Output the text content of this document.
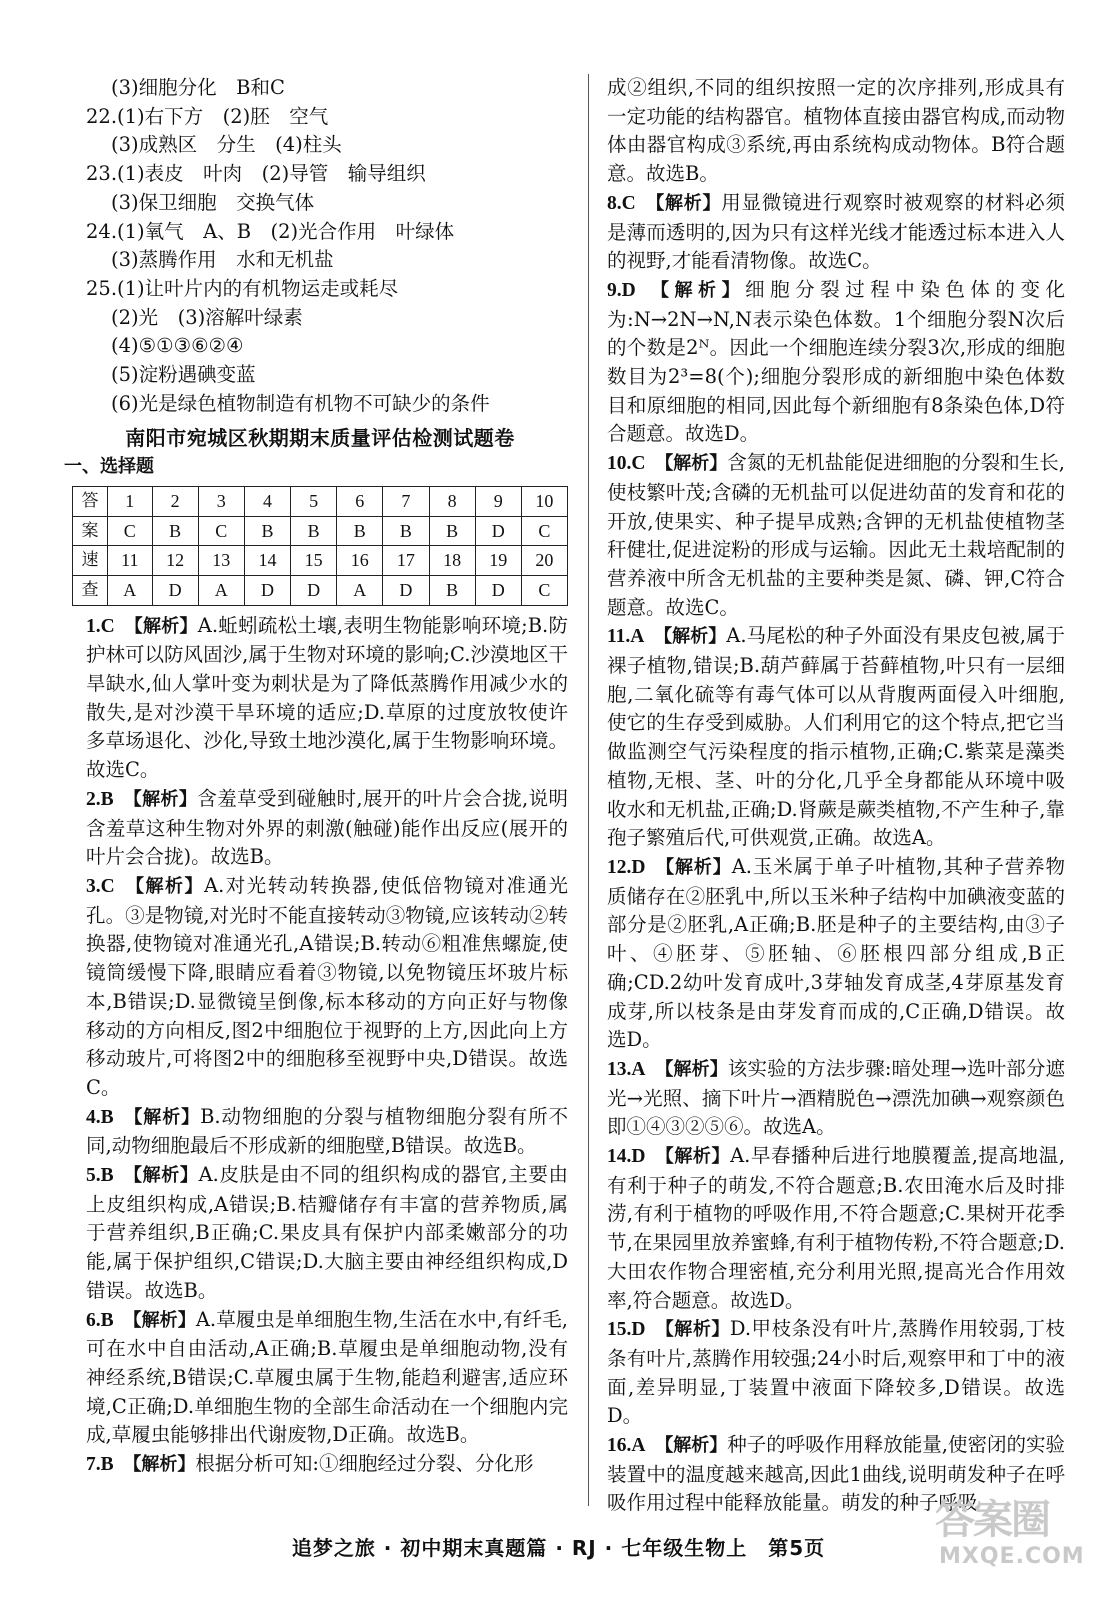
(3)细胞分化　B和C
22.(1)右下方　(2)胚　空气
(3)成熟区　分生　(4)柱头
23.(1)表皮　叶肉　(2)导管　输导组织
(3)保卫细胞　交换气体
24.(1)氧气　A、B　(2)光合作用　叶绿体
(3)蒸腾作用　水和无机盐
25.(1)让叶片内的有机物运走或耗尽
(2)光　(3)溶解叶绿素
(4)⑤①③⑥②④
(5)淀粉遇碘变蓝
(6)光是绿色植物制造有机物不可缺少的条件
南阳市宛城区秋期期末质量评估检测试题卷
一、选择题
答	1	2	3	4	5	6	7	8	9	10
案	C	B	C	B	B	B	B	B	D	C
速	11	12	13	14	15	16	17	18	19	20
查	A	D	A	D	D	A	D	B	D	C
1.C  【解析】A.蚯蚓疏松土壤,表明生物能影响环境;B.防护林可以防风固沙,属于生物对环境的影响;C.沙漠地区干旱缺水,仙人掌叶变为刺状是为了降低蒸腾作用减少水的散失,是对沙漠干旱环境的适应;D.草原的过度放牧使许多草场退化、沙化,导致土地沙漠化,属于生物影响环境。故选C。
2.B  【解析】含羞草受到碰触时,展开的叶片会合拢,说明含羞草这种生物对外界的刺激(触碰)能作出反应(展开的叶片会合拢)。故选B。
3.C  【解析】A.对光转动转换器,使低倍物镜对准通光孔。③是物镜,对光时不能直接转动③物镜,应该转动②转换器,使物镜对准通光孔,A错误;B.转动⑥粗准焦螺旋,使镜筒缓慢下降,眼睛应看着③物镜,以免物镜压坏玻片标本,B错误;D.显微镜呈倒像,标本移动的方向正好与物像移动的方向相反,图2中细胞位于视野的上方,因此向上方移动玻片,可将图2中的细胞移至视野中央,D错误。故选C。
4.B  【解析】B.动物细胞的分裂与植物细胞分裂有所不同,动物细胞最后不形成新的细胞壁,B错误。故选B。
5.B  【解析】A.皮肤是由不同的组织构成的器官,主要由上皮组织构成,A错误;B.桔瓣储存有丰富的营养物质,属于营养组织,B正确;C.果皮具有保护内部柔嫩部分的功能,属于保护组织,C错误;D.大脑主要由神经组织构成,D错误。故选B。
6.B  【解析】A.草履虫是单细胞生物,生活在水中,有纤毛,可在水中自由活动,A正确;B.草履虫是单细胞动物,没有神经系统,B错误;C.草履虫属于生物,能趋利避害,适应环境,C正确;D.单细胞生物的全部生命活动在一个细胞内完成,草履虫能够排出代谢废物,D正确。故选B。
7.B  【解析】根据分析可知:①细胞经过分裂、分化形
成②组织,不同的组织按照一定的次序排列,形成具有一定功能的结构器官。植物体直接由器官构成,而动物体由器官构成③系统,再由系统构成动物体。B符合题意。故选B。
8.C  【解析】用显微镜进行观察时被观察的材料必须是薄而透明的,因为只有这样光线才能透过标本进入人的视野,才能看清物像。故选C。
9.D  【解析】细胞分裂过程中染色体的变化为:N→2N→N,N表示染色体数。1个细胞分裂N次后的个数是2ᴺ。因此一个细胞连续分裂3次,形成的细胞数目为2³=8(个);细胞分裂形成的新细胞中染色体数目和原细胞的相同,因此每个新细胞有8条染色体,D符合题意。故选D。
10.C  【解析】含氮的无机盐能促进细胞的分裂和生长,使枝繁叶茂;含磷的无机盐可以促进幼苗的发育和花的开放,使果实、种子提早成熟;含钾的无机盐使植物茎秆健壮,促进淀粉的形成与运输。因此无土栽培配制的营养液中所含无机盐的主要种类是氮、磷、钾,C符合题意。故选C。
11.A  【解析】A.马尾松的种子外面没有果皮包被,属于裸子植物,错误;B.葫芦藓属于苔藓植物,叶只有一层细胞,二氧化硫等有毒气体可以从背腹两面侵入叶细胞,使它的生存受到威胁。人们利用它的这个特点,把它当做监测空气污染程度的指示植物,正确;C.紫菜是藻类植物,无根、茎、叶的分化,几乎全身都能从环境中吸收水和无机盐,正确;D.肾蕨是蕨类植物,不产生种子,靠孢子繁殖后代,可供观赏,正确。故选A。
12.D  【解析】A.玉米属于单子叶植物,其种子营养物质储存在②胚乳中,所以玉米种子结构中加碘液变蓝的部分是②胚乳,A正确;B.胚是种子的主要结构,由③子叶、④胚芽、⑤胚轴、⑥胚根四部分组成,B正确;CD.2幼叶发育成叶,3芽轴发育成茎,4芽原基发育成芽,所以枝条是由芽发育而成的,C正确,D错误。故选D。
13.A  【解析】该实验的方法步骤:暗处理→选叶部分遮光→光照、摘下叶片→酒精脱色→漂洗加碘→观察颜色即①④③②⑤⑥。故选A。
14.D  【解析】A.早春播种后进行地膜覆盖,提高地温,有利于种子的萌发,不符合题意;B.农田淹水后及时排涝,有利于植物的呼吸作用,不符合题意;C.果树开花季节,在果园里放养蜜蜂,有利于植物传粉,不符合题意;D.大田农作物合理密植,充分利用光照,提高光合作用效率,符合题意。故选D。
15.D  【解析】D.甲枝条没有叶片,蒸腾作用较弱,丁枝条有叶片,蒸腾作用较强;24小时后,观察甲和丁中的液面,差异明显,丁装置中液面下降较多,D错误。故选D。
16.A  【解析】种子的呼吸作用释放能量,使密闭的实验装置中的温度越来越高,因此1曲线,说明萌发种子在呼吸作用过程中能释放能量。萌发的种子呼吸
追梦之旅 · 初中期末真题篇 · RJ · 七年级生物上　第5页
答案圈
MXQE.COM
